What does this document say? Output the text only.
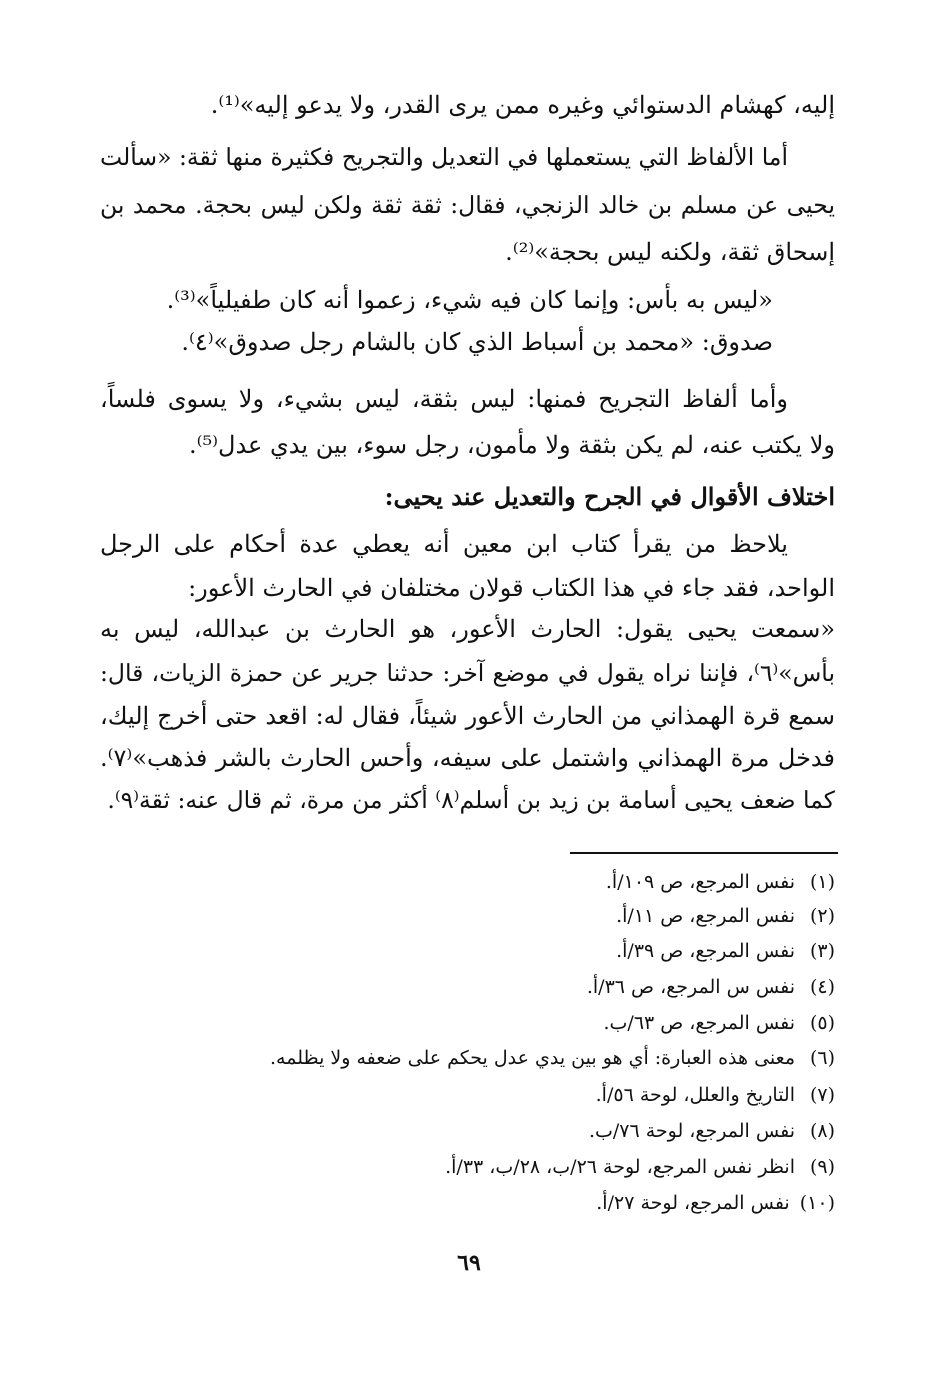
إليه، كهشام الدستوائي وغيره ممن يرى القدر، ولا يدعو إليه»⁽¹⁾.
أما الألفاظ التي يستعملها في التعديل والتجريح فكثيرة منها ثقة: «سألت
يحيى عن مسلم بن خالد الزنجي، فقال: ثقة ثقة ولكن ليس بحجة. محمد بن
إسحاق ثقة، ولكنه ليس بحجة»⁽²⁾.
«ليس به بأس: وإنما كان فيه شيء، زعموا أنه كان طفيلياً»⁽³⁾.
صدوق: «محمد بن أسباط الذي كان بالشام رجل صدوق»⁽٤⁾.
وأما ألفاظ التجريح فمنها: ليس بثقة، ليس بشيء، ولا يسوى فلساً،
ولا يكتب عنه، لم يكن بثقة ولا مأمون، رجل سوء، بين يدي عدل⁽⁵⁾.
اختلاف الأقوال في الجرح والتعديل عند يحيى:
يلاحظ من يقرأ كتاب ابن معين أنه يعطي عدة أحكام على الرجل
الواحد، فقد جاء في هذا الكتاب قولان مختلفان في الحارث الأعور:
«سمعت يحيى يقول: الحارث الأعور، هو الحارث بن عبدالله، ليس به
بأس»⁽٦⁾، فإننا نراه يقول في موضع آخر: حدثنا جرير عن حمزة الزيات، قال:
سمع قرة الهمذاني من الحارث الأعور شيئاً، فقال له: اقعد حتى أخرج إليك،
فدخل مرة الهمذاني واشتمل على سيفه، وأحس الحارث بالشر فذهب»⁽٧⁾.
كما ضعف يحيى أسامة بن زيد بن أسلم⁽٨⁾ أكثر من مرة، ثم قال عنه: ثقة⁽٩⁾.
(١)نفس المرجع، ص ١٠٩/أ.
(٢)نفس المرجع، ص ١١/أ.
(٣)نفس المرجع، ص ٣٩/أ.
(٤)نفس س المرجع، ص ٣٦/أ.
(٥)نفس المرجع، ص ٦٣/ب.
(٦)معنى هذه العبارة: أي هو بين يدي عدل يحكم على ضعفه ولا يظلمه.
(٧)التاريخ والعلل، لوحة ٥٦/أ.
(٨)نفس المرجع، لوحة ٧٦/ب.
(٩)انظر نفس المرجع، لوحة ٢٦/ب، ٢٨/ب، ٣٣/أ.
(١٠)نفس المرجع، لوحة ٢٧/أ.
٦٩
